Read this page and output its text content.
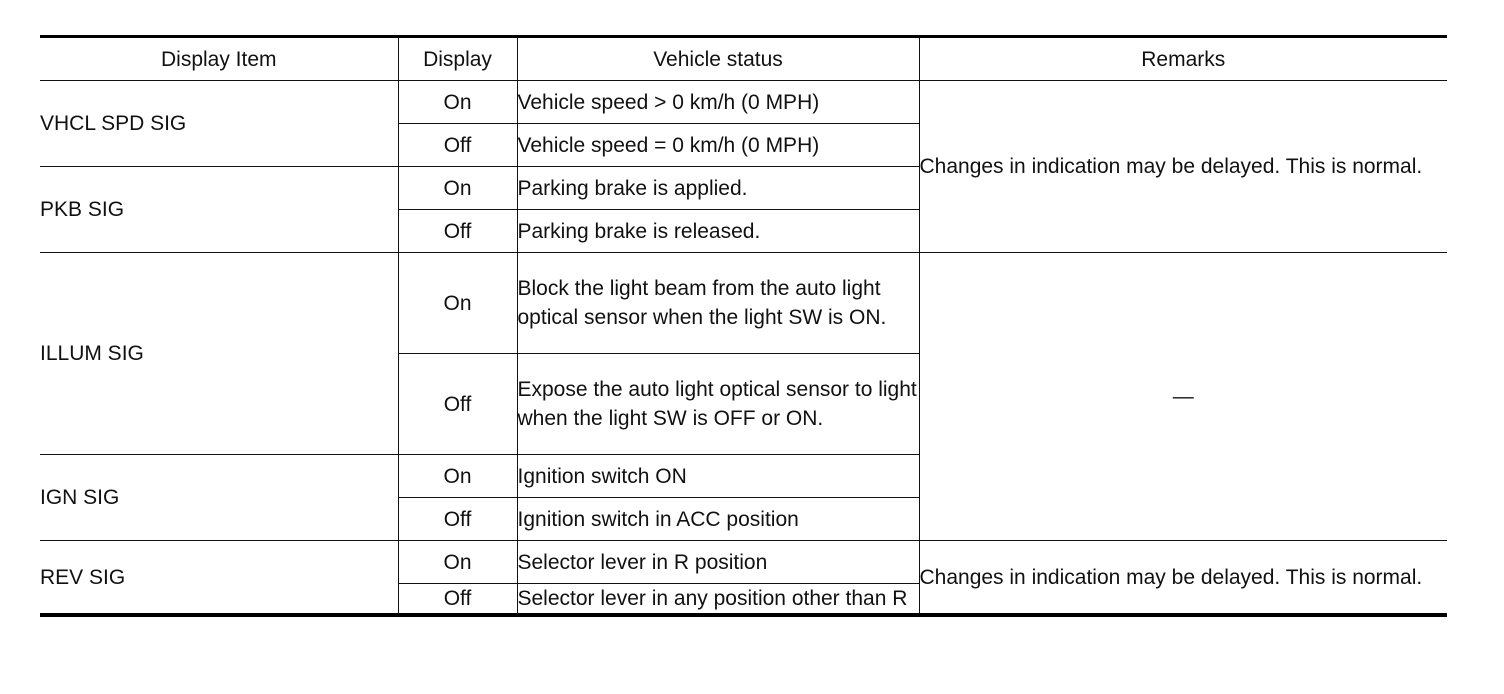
Display Item	Display	Vehicle status	Remarks
VHCL SPD SIG	On	Vehicle speed > 0 km/h (0 MPH)	Changes in indication may be delayed. This is normal.
	Off	Vehicle speed = 0 km/h (0 MPH)	
PKB SIG	On	Parking brake is applied.	
	Off	Parking brake is released.	
ILLUM SIG	On	Block the light beam from the auto light optical sensor when the light SW is ON.	—
	Off	Expose the auto light optical sensor to light when the light SW is OFF or ON.	
IGN SIG	On	Ignition switch ON	
	Off	Ignition switch in ACC position	
REV SIG	On	Selector lever in R position	Changes in indication may be delayed. This is normal.
	Off	Selector lever in any position other than R	
